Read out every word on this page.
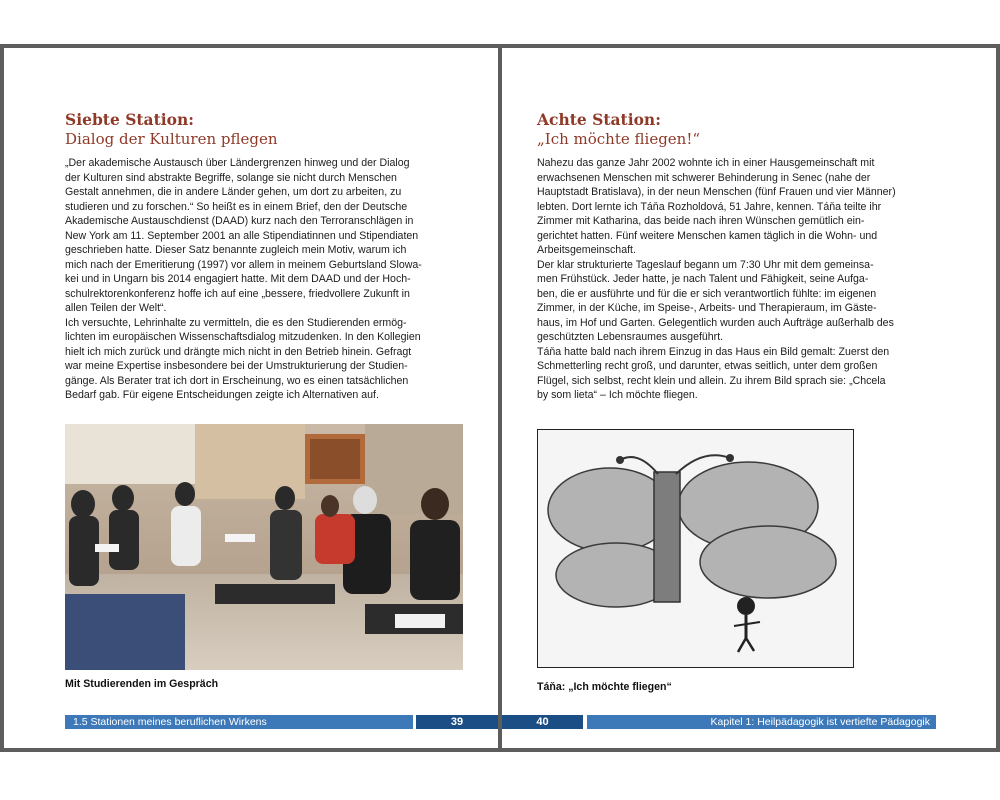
Siebte Station:
Dialog der Kulturen pflegen

„Der akademische Austausch über Ländergrenzen hinweg und der Dialog
der Kulturen sind abstrakte Begriffe, solange sie nicht durch Menschen
Gestalt annehmen, die in andere Länder gehen, um dort zu arbeiten, zu
studieren und zu forschen.“ So heißt es in einem Brief, den der Deutsche
Akademische Austauschdienst (DAAD) kurz nach den Terroranschlägen in
New York am 11. September 2001 an alle Stipendiatinnen und Stipendiaten
geschrieben hatte. Dieser Satz benannte zugleich mein Motiv, warum ich
mich nach der Emeritierung (1997) vor allem in meinem Geburtsland Slowa-
kei und in Ungarn bis 2014 engagiert hatte. Mit dem DAAD und der Hoch-
schulrektorenkonferenz hoffe ich auf eine „bessere, friedvollere Zukunft in
allen Teilen der Welt“.

Ich versuchte, Lehrinhalte zu vermitteln, die es den Studierenden ermög-
lichten im europäischen Wissenschaftsdialog mitzudenken. In den Kollegien
hielt ich mich zurück und drängte mich nicht in den Betrieb hinein. Gefragt
war meine Expertise insbesondere bei der Umstrukturierung der Studien-
gänge. Als Berater trat ich dort in Erscheinung, wo es einen tatsächlichen
Bedarf gab. Für eigene Entscheidungen zeigte ich Alternativen auf.

Mit Studierenden im Gespräch

1.5 Stationen meines beruflichen Wirkens	39
Achte Station:
„Ich möchte fliegen!“

Nahezu das ganze Jahr 2002 wohnte ich in einer Hausgemeinschaft mit
erwachsenen Menschen mit schwerer Behinderung in Senec (nahe der
Hauptstadt Bratislava), in der neun Menschen (fünf Frauen und vier Männer)
lebten. Dort lernte ich Táňa Rozholdová, 51 Jahre, kennen. Táňa teilte ihr
Zimmer mit Katharina, das beide nach ihren Wünschen gemütlich ein-
gerichtet hatten. Fünf weitere Menschen kamen täglich in die Wohn- und
Arbeitsgemeinschaft.

Der klar strukturierte Tageslauf begann um 7:30 Uhr mit dem gemeinsa-
men Frühstück. Jeder hatte, je nach Talent und Fähigkeit, seine Aufga-
ben, die er ausführte und für die er sich verantwortlich fühlte: im eigenen
Zimmer, in der Küche, im Speise-, Arbeits- und Therapieraum, im Gäste-
haus, im Hof und Garten. Gelegentlich wurden auch Aufträge außerhalb des
geschützten Lebensraumes ausgeführt.

Táňa hatte bald nach ihrem Einzug in das Haus ein Bild gemalt: Zuerst den
Schmetterling recht groß, und darunter, etwas seitlich, unter dem großen
Flügel, sich selbst, recht klein und allein. Zu ihrem Bild sprach sie: „Chcela
by som lieta“ – Ich möchte fliegen.

Táňa: „Ich möchte fliegen“

40	Kapitel 1: Heilpädagogik ist vertiefte Pädagogik
